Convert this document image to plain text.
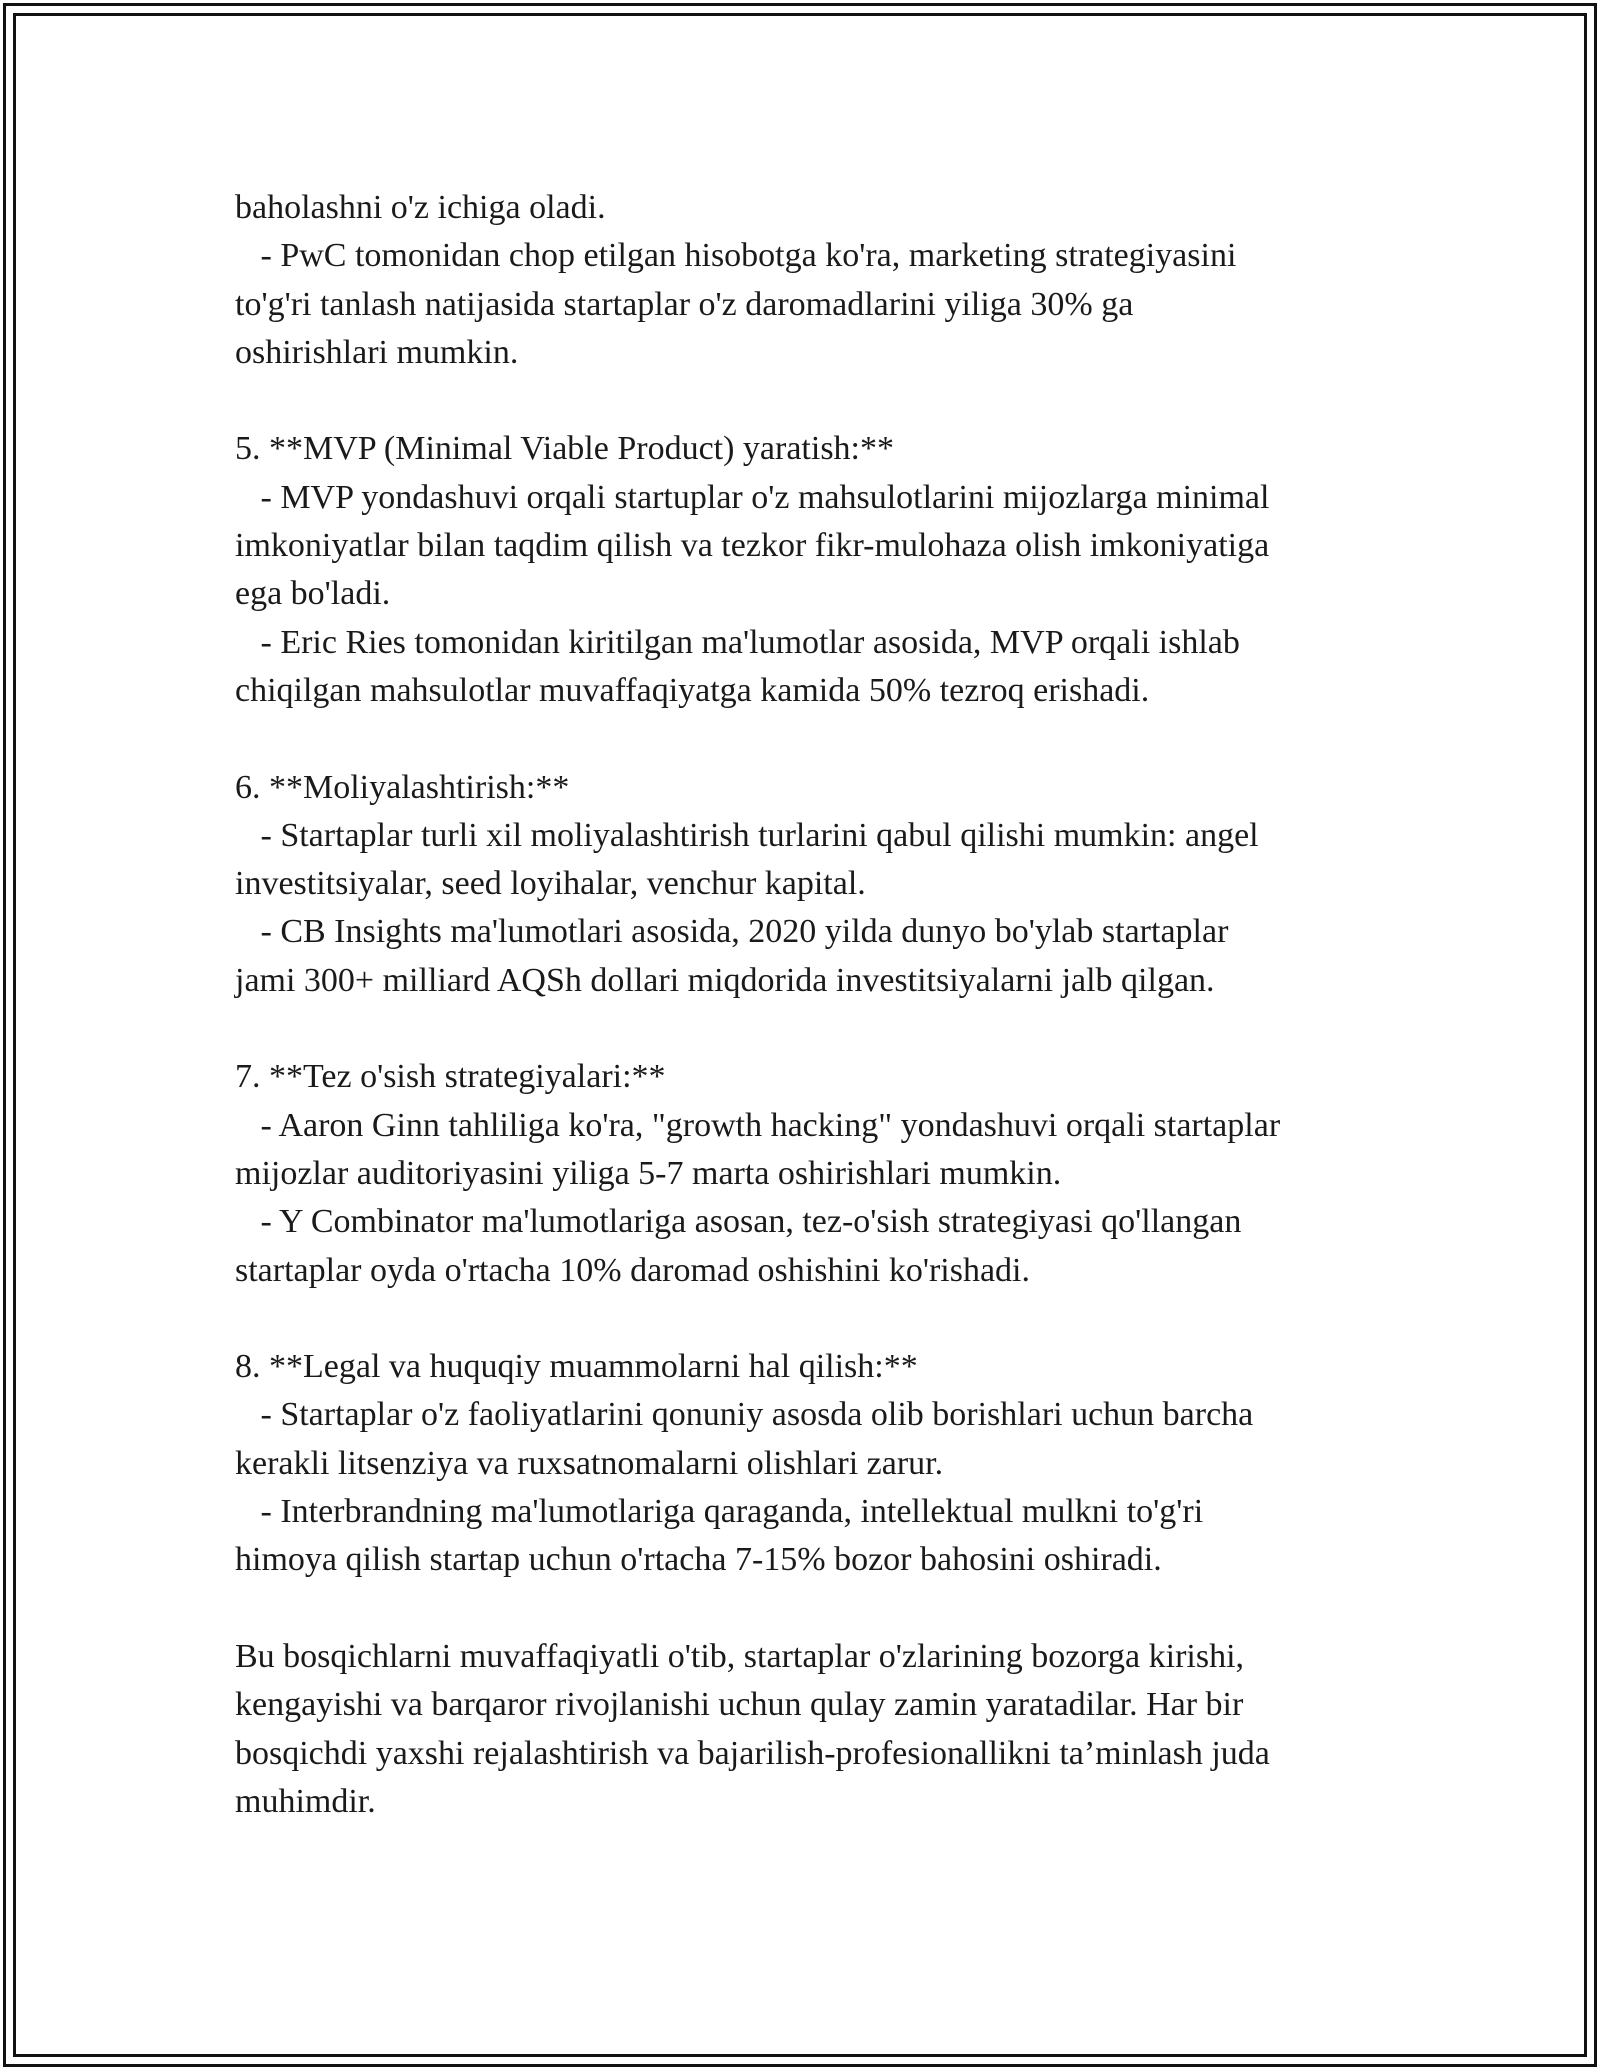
baholashni o'z ichiga oladi.
- PwC tomonidan chop etilgan hisobotga ko'ra, marketing strategiyasini
to'g'ri tanlash natijasida startaplar o'z daromadlarini yiliga 30% ga
oshirishlari mumkin.
5. **MVP (Minimal Viable Product) yaratish:**
- MVP yondashuvi orqali startuplar o'z mahsulotlarini mijozlarga minimal
imkoniyatlar bilan taqdim qilish va tezkor fikr-mulohaza olish imkoniyatiga
ega bo'ladi.
- Eric Ries tomonidan kiritilgan ma'lumotlar asosida, MVP orqali ishlab
chiqilgan mahsulotlar muvaffaqiyatga kamida 50% tezroq erishadi.
6. **Moliyalashtirish:**
- Startaplar turli xil moliyalashtirish turlarini qabul qilishi mumkin: angel
investitsiyalar, seed loyihalar, venchur kapital.
- CB Insights ma'lumotlari asosida, 2020 yilda dunyo bo'ylab startaplar
jami 300+ milliard AQSh dollari miqdorida investitsiyalarni jalb qilgan.
7. **Tez o'sish strategiyalari:**
- Aaron Ginn tahliliga ko'ra, "growth hacking" yondashuvi orqali startaplar
mijozlar auditoriyasini yiliga 5-7 marta oshirishlari mumkin.
- Y Combinator ma'lumotlariga asosan, tez-o'sish strategiyasi qo'llangan
startaplar oyda o'rtacha 10% daromad oshishini ko'rishadi.
8. **Legal va huquqiy muammolarni hal qilish:**
- Startaplar o'z faoliyatlarini qonuniy asosda olib borishlari uchun barcha
kerakli litsenziya va ruxsatnomalarni olishlari zarur.
- Interbrandning ma'lumotlariga qaraganda, intellektual mulkni to'g'ri
himoya qilish startap uchun o'rtacha 7-15% bozor bahosini oshiradi.
Bu bosqichlarni muvaffaqiyatli o'tib, startaplar o'zlarining bozorga kirishi,
kengayishi va barqaror rivojlanishi uchun qulay zamin yaratadilar. Har bir
bosqichdi yaxshi rejalashtirish va bajarilish-profesionallikni ta’minlash juda
muhimdir.
